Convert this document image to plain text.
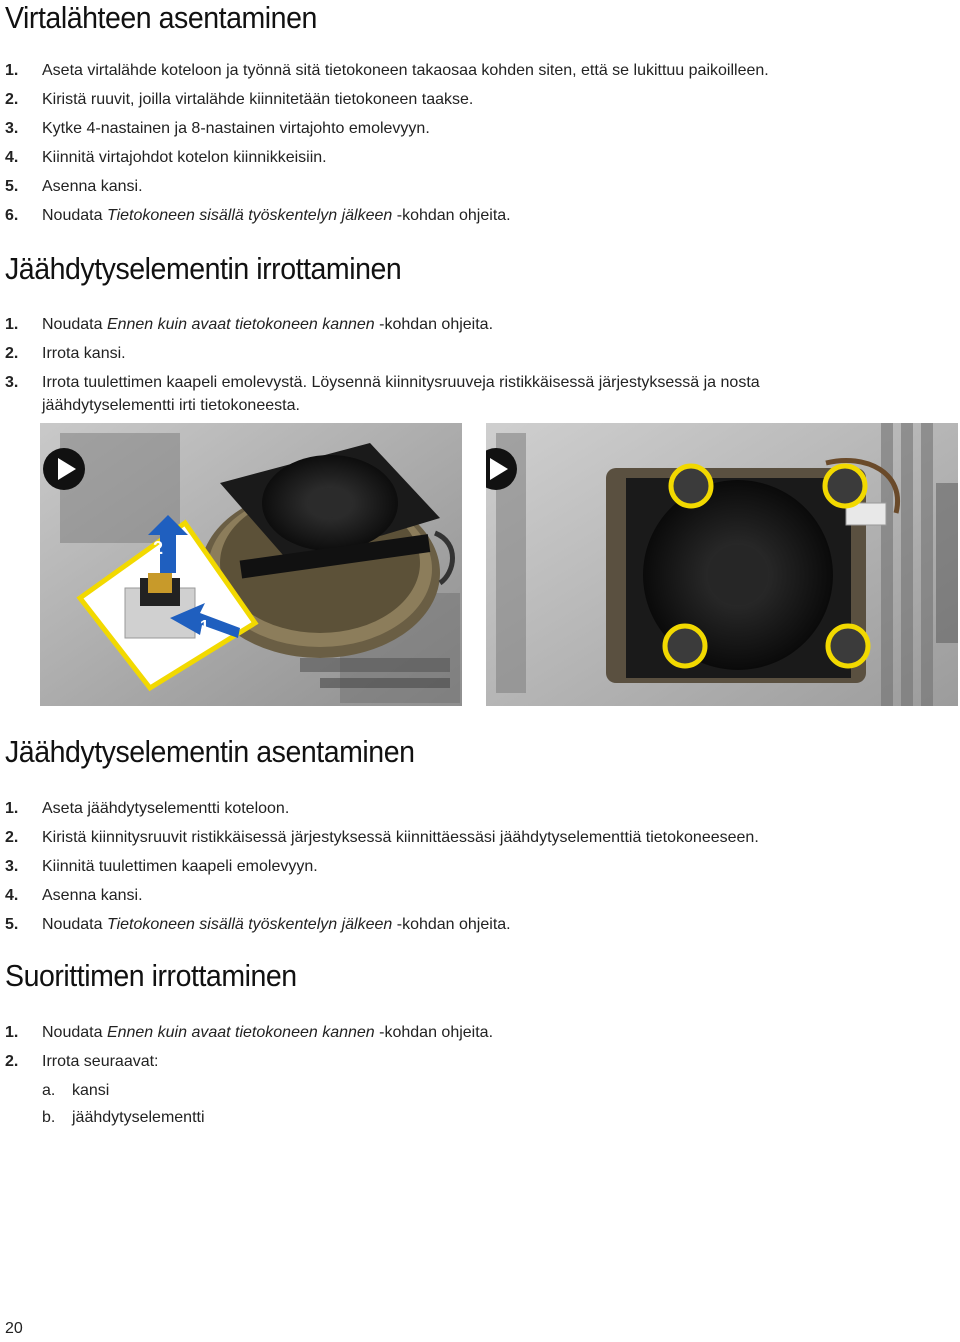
Virtalähteen asentaminen
1. Aseta virtalähde koteloon ja työnnä sitä tietokoneen takaosaa kohden siten, että se lukittuu paikoilleen.
2. Kiristä ruuvit, joilla virtalähde kiinnitetään tietokoneen taakse.
3. Kytke 4-nastainen ja 8-nastainen virtajohto emolevyyn.
4. Kiinnitä virtajohdot kotelon kiinnikkeisiin.
5. Asenna kansi.
6. Noudata Tietokoneen sisällä työskentelyn jälkeen -kohdan ohjeita.
Jäähdytyselementin irrottaminen
1. Noudata Ennen kuin avaat tietokoneen kannen -kohdan ohjeita.
2. Irrota kansi.
3. Irrota tuulettimen kaapeli emolevystä. Löysennä kiinnitysruuveja ristikkäisessä järjestyksessä ja nosta
jäähdytyselementti irti tietokoneesta.
2
1
Jäähdytyselementin asentaminen
1. Aseta jäähdytyselementti koteloon.
2. Kiristä kiinnitysruuvit ristikkäisessä järjestyksessä kiinnittäessäsi jäähdytyselementtiä tietokoneeseen.
3. Kiinnitä tuulettimen kaapeli emolevyyn.
4. Asenna kansi.
5. Noudata Tietokoneen sisällä työskentelyn jälkeen -kohdan ohjeita.
Suorittimen irrottaminen
1. Noudata Ennen kuin avaat tietokoneen kannen -kohdan ohjeita.
2. Irrota seuraavat:
a. kansi
b. jäähdytyselementti
20
